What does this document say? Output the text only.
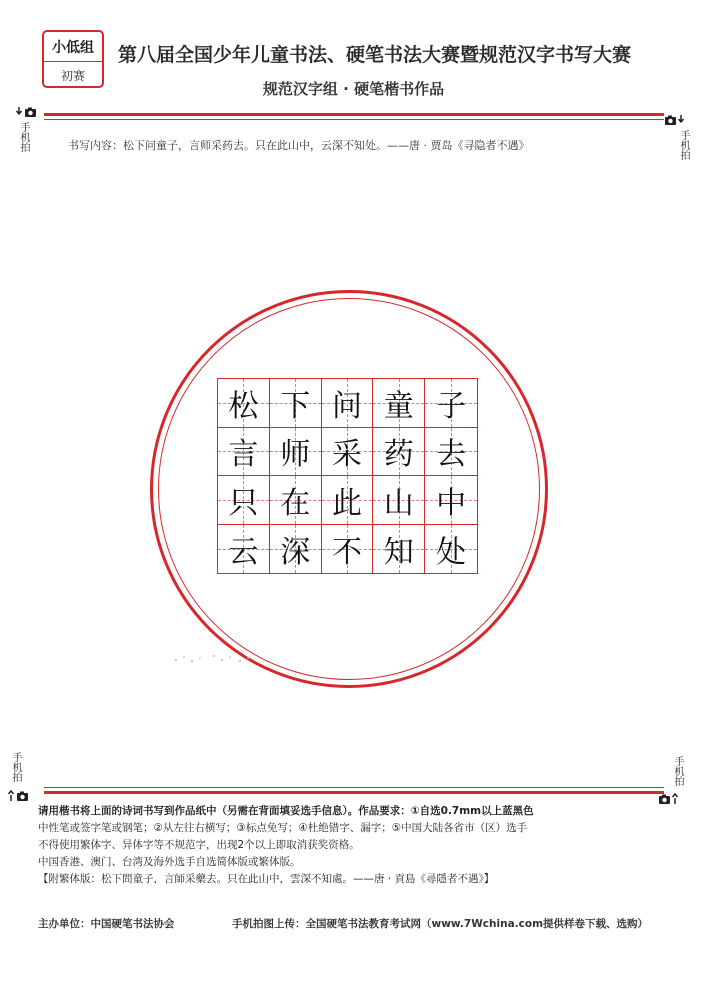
小低组
初赛
第八届全国少年儿童书法、硬笔书法大赛暨规范汉字书写大赛
规范汉字组 · 硬笔楷书作品
手机拍	手机拍
书写内容：松下问童子，言师采药去。只在此山中，云深不知处。——唐 · 贾岛《寻隐者不遇》
松 下 问 童 子
言 师 采 药 去
只 在 此 山 中
云 深 不 知 处
手机拍	手机拍

请用楷书将上面的诗词书写到作品纸中（另需在背面填妥选手信息）。作品要求：①自选0.7mm以上蓝黑色

中性笔或签字笔或钢笔；②从左往右横写；③标点免写；④杜绝错字、漏字；⑤中国大陆各省市（区）选手

不得使用繁体字、异体字等不规范字，出现2个以上即取消获奖资格。

中国香港、澳门、台湾及海外选手自选简体版或繁体版。

【附繁体版：松下問童子，言師采藥去。只在此山中，雲深不知處。——唐 · 貢島《尋隱者不遇》】

主办单位：中国硬笔书法协会	手机拍图上传：全国硬笔书法教育考试网（www.7Wchina.com提供样卷下载、选购）
